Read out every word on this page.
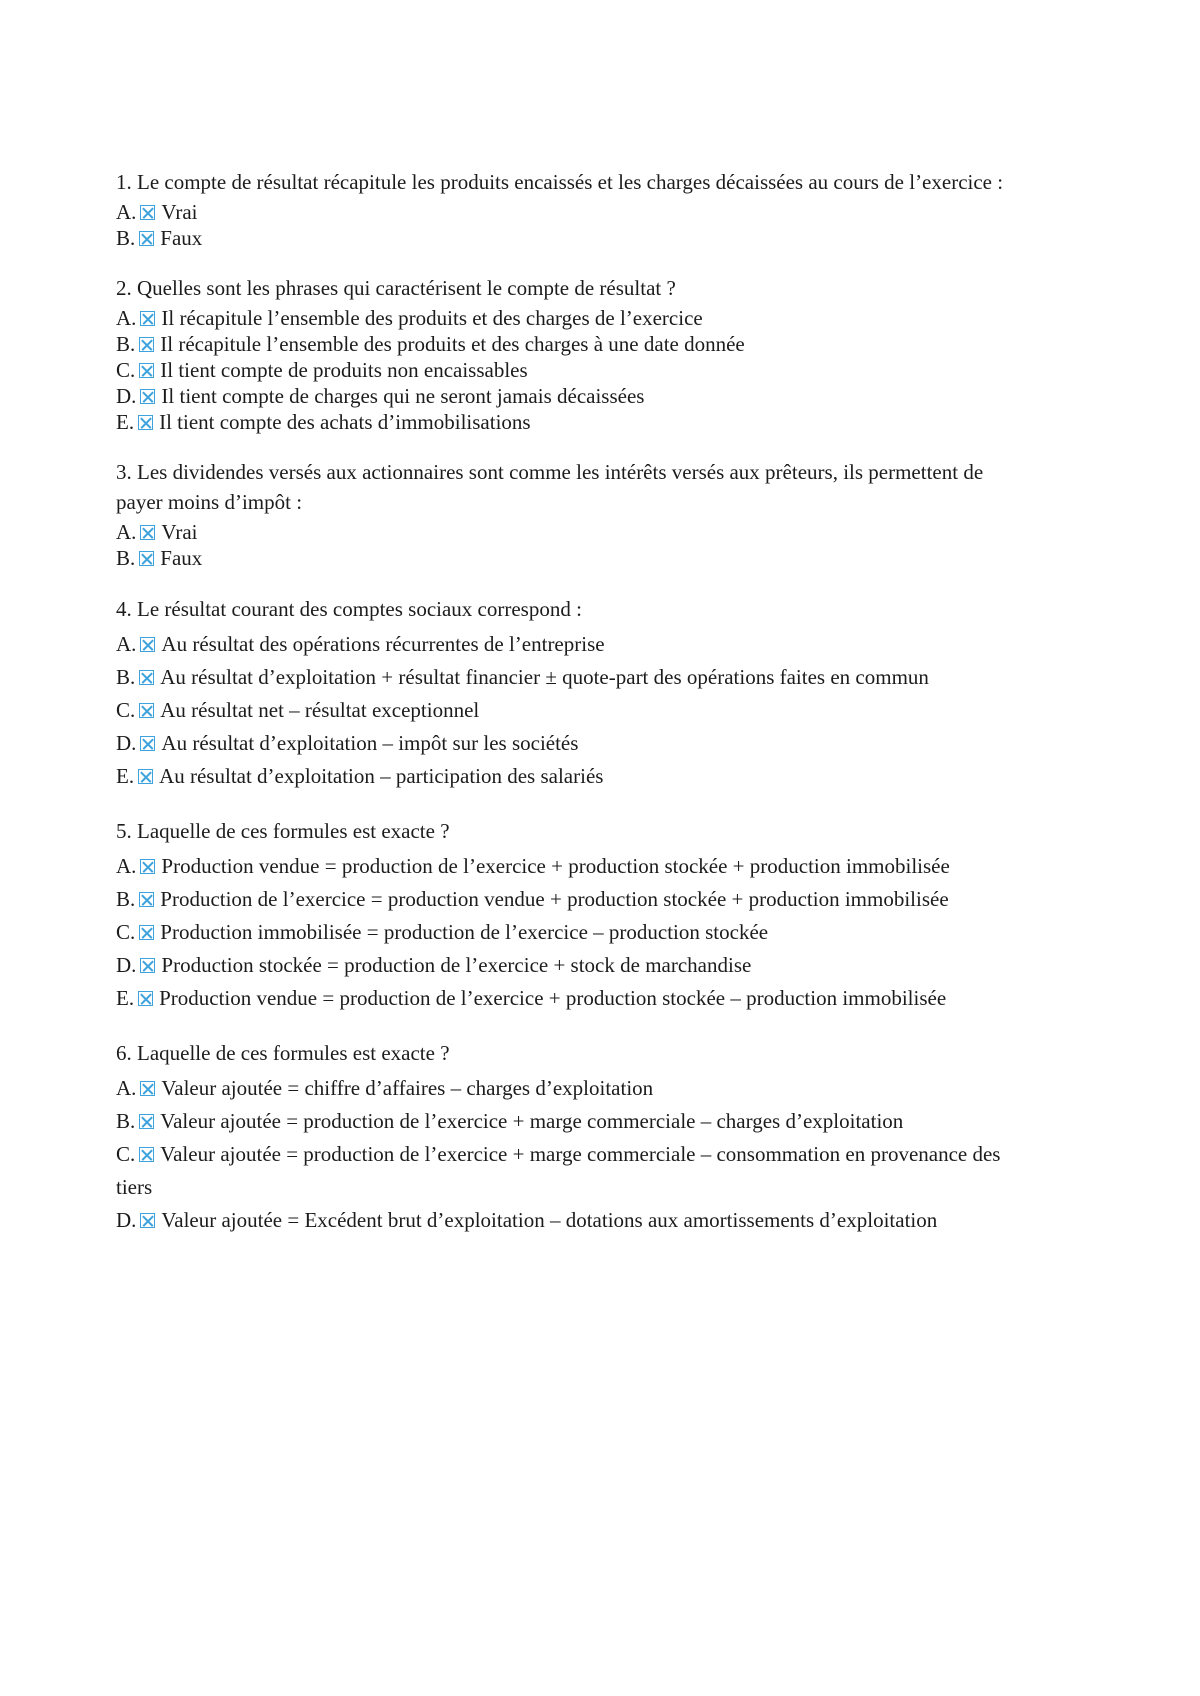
1. Le compte de résultat récapitule les produits encaissés et les charges décaissées au cours de l’exercice :

A. Vrai

B. Faux

2. Quelles sont les phrases qui caractérisent le compte de résultat ?

A. Il récapitule l’ensemble des produits et des charges de l’exercice

B. Il récapitule l’ensemble des produits et des charges à une date donnée

C. Il tient compte de produits non encaissables

D. Il tient compte de charges qui ne seront jamais décaissées

E. Il tient compte des achats d’immobilisations

3. Les dividendes versés aux actionnaires sont comme les intérêts versés aux prêteurs, ils permettent de payer moins d’impôt :

A. Vrai

B. Faux

4. Le résultat courant des comptes sociaux correspond :

A. Au résultat des opérations récurrentes de l’entreprise

B. Au résultat d’exploitation + résultat financier ± quote-part des opérations faites en commun

C. Au résultat net – résultat exceptionnel

D. Au résultat d’exploitation – impôt sur les sociétés

E. Au résultat d’exploitation – participation des salariés

5. Laquelle de ces formules est exacte ?

A. Production vendue = production de l’exercice + production stockée + production immobilisée

B. Production de l’exercice = production vendue + production stockée + production immobilisée

C. Production immobilisée = production de l’exercice – production stockée

D. Production stockée = production de l’exercice + stock de marchandise

E. Production vendue = production de l’exercice + production stockée – production immobilisée

6. Laquelle de ces formules est exacte ?

A. Valeur ajoutée = chiffre d’affaires – charges d’exploitation

B. Valeur ajoutée = production de l’exercice + marge commerciale – charges d’exploitation

C. Valeur ajoutée = production de l’exercice + marge commerciale – consommation en provenance des tiers

D. Valeur ajoutée = Excédent brut d’exploitation – dotations aux amortissements d’exploitation
